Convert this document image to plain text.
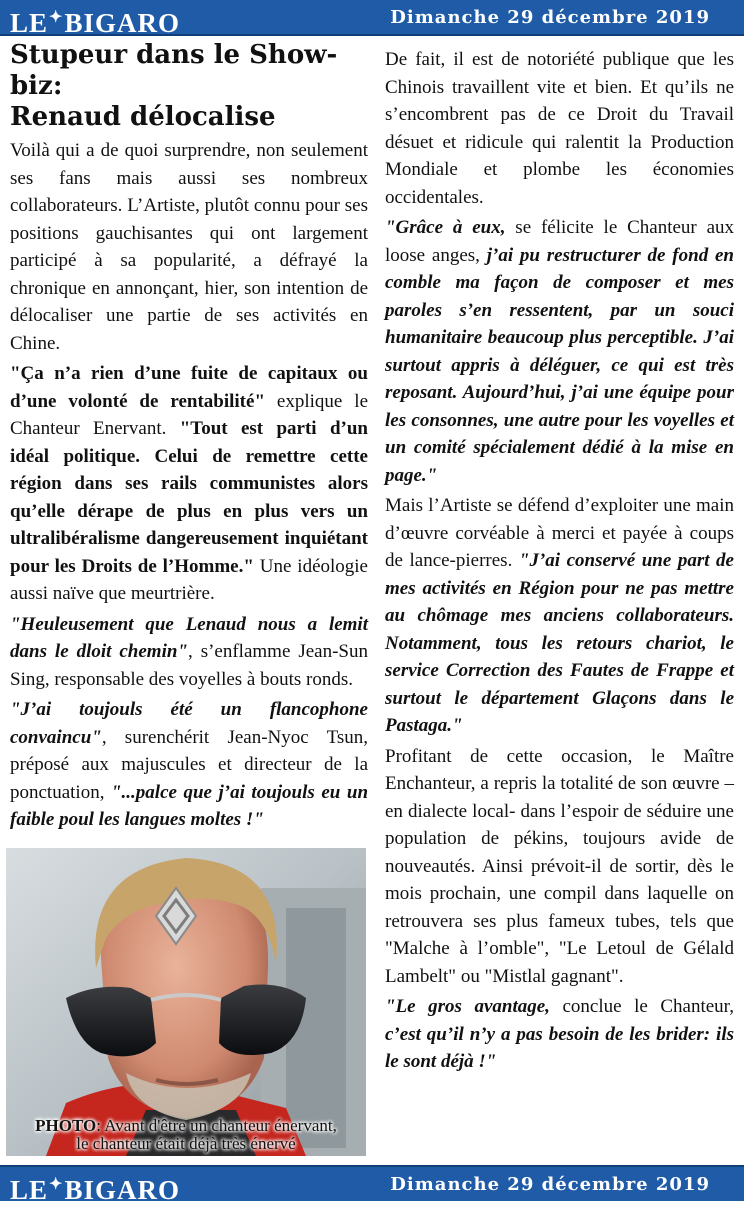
LE✦BIGARO	Dimanche 29 décembre 2019
Stupeur dans le Show-biz:
Renaud délocalise

Voilà qui a de quoi surprendre, non seulement ses fans mais aussi ses nombreux collaborateurs. L’Artiste, plutôt connu pour ses positions gauchisantes qui ont largement participé à sa popularité, a défrayé la chronique en annonçant, hier, son intention de délocaliser une partie de ses activités en Chine.

"Ça n’a rien d’une fuite de capitaux ou d’une volonté de rentabilité" explique le Chanteur Enervant. "Tout est parti d’un idéal politique. Celui de remettre cette région dans ses rails communistes alors qu’elle dérape de plus en plus vers un ultralibéralisme dangereusement inquiétant pour les Droits de l’Homme." Une idéologie aussi naïve que meurtrière.

"Heuleusement que Lenaud nous a lemit dans le dloit chemin", s’enflamme Jean-Sun Sing, responsable des voyelles à bouts ronds.

"J’ai toujouls été un flancophone convaincu", surenchérit Jean-Nyoc Tsun, préposé aux majuscules et directeur de la ponctuation, "...palce que j’ai toujouls eu un faible poul les langues moltes !"

PHOTO: Avant d'être un chanteur énervant,
le chanteur était déjà très énervé

De fait, il est de notoriété publique que les Chinois travaillent vite et bien. Et qu’ils ne s’encombrent pas de ce Droit du Travail désuet et ridicule qui ralentit la Production Mondiale et plombe les économies occidentales.

"Grâce à eux, se félicite le Chanteur aux loose anges, j’ai pu restructurer de fond en comble ma façon de composer et mes paroles s’en ressentent, par un souci humanitaire beaucoup plus perceptible. J’ai surtout appris à déléguer, ce qui est très reposant. Aujourd’hui, j’ai une équipe pour les consonnes, une autre pour les voyelles et un comité spécialement dédié à la mise en page."

Mais l’Artiste se défend d’exploiter une main d’œuvre corvéable à merci et payée à coups de lance-pierres. "J’ai conservé une part de mes activités en Région pour ne pas mettre au chômage mes anciens collaborateurs. Notamment, tous les retours chariot, le service Correction des Fautes de Frappe et surtout le département Glaçons dans le Pastaga."

Profitant de cette occasion, le Maître Enchanteur, a repris la totalité de son œuvre –en dialecte local- dans l’espoir de séduire une population de pékins, toujours avide de nouveautés. Ainsi prévoit-il de sortir, dès le mois prochain, une compil dans laquelle on retrouvera ses plus fameux tubes, tels que "Malche à l’omble", "Le Letoul de Gélald Lambelt" ou "Mistlal gagnant".

"Le gros avantage, conclue le Chanteur, c’est qu’il n’y a pas besoin de les brider: ils le sont déjà !"

LE✦BIGARO	Dimanche 29 décembre 2019
